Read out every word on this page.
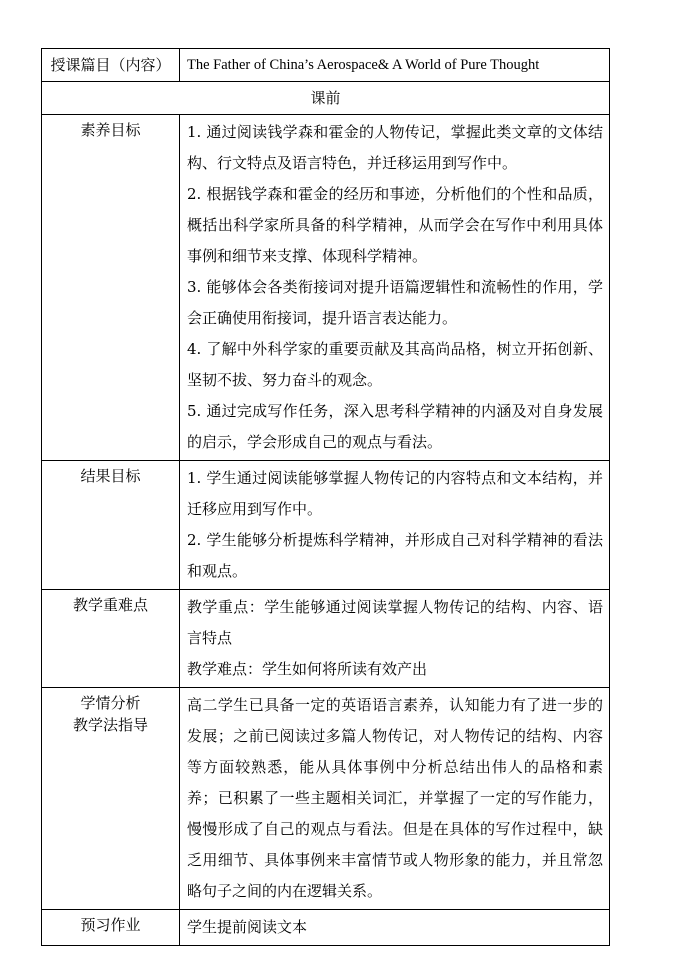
授课篇目（内容）	The Father of China’s Aerospace& A World of Pure Thought
课前	
素养目标	1. 通过阅读钱学森和霍金的人物传记，掌握此类文章的文体结构、行文特点及语言特色，并迁移运用到写作中。

2. 根据钱学森和霍金的经历和事迹，分析他们的个性和品质，概括出科学家所具备的科学精神，从而学会在写作中利用具体事例和细节来支撑、体现科学精神。

3. 能够体会各类衔接词对提升语篇逻辑性和流畅性的作用，学会正确使用衔接词，提升语言表达能力。

4. 了解中外科学家的重要贡献及其高尚品格，树立开拓创新、坚韧不拔、努力奋斗的观念。

5. 通过完成写作任务，深入思考科学精神的内涵及对自身发展的启示，学会形成自己的观点与看法。

结果目标	1. 学生通过阅读能够掌握人物传记的内容特点和文本结构，并迁移应用到写作中。

2. 学生能够分析提炼科学精神，并形成自己对科学精神的看法和观点。

教学重难点	教学重点：学生能够通过阅读掌握人物传记的结构、内容、语言特点

教学难点：学生如何将所读有效产出

学情分析
教学法指导	高二学生已具备一定的英语语言素养，认知能力有了进一步的发展；之前已阅读过多篇人物传记，对人物传记的结构、内容等方面较熟悉，能从具体事例中分析总结出伟人的品格和素养；已积累了一些主题相关词汇，并掌握了一定的写作能力，慢慢形成了自己的观点与看法。但是在具体的写作过程中，缺乏用细节、具体事例来丰富情节或人物形象的能力，并且常忽略句子之间的内在逻辑关系。

预习作业	学生提前阅读文本
